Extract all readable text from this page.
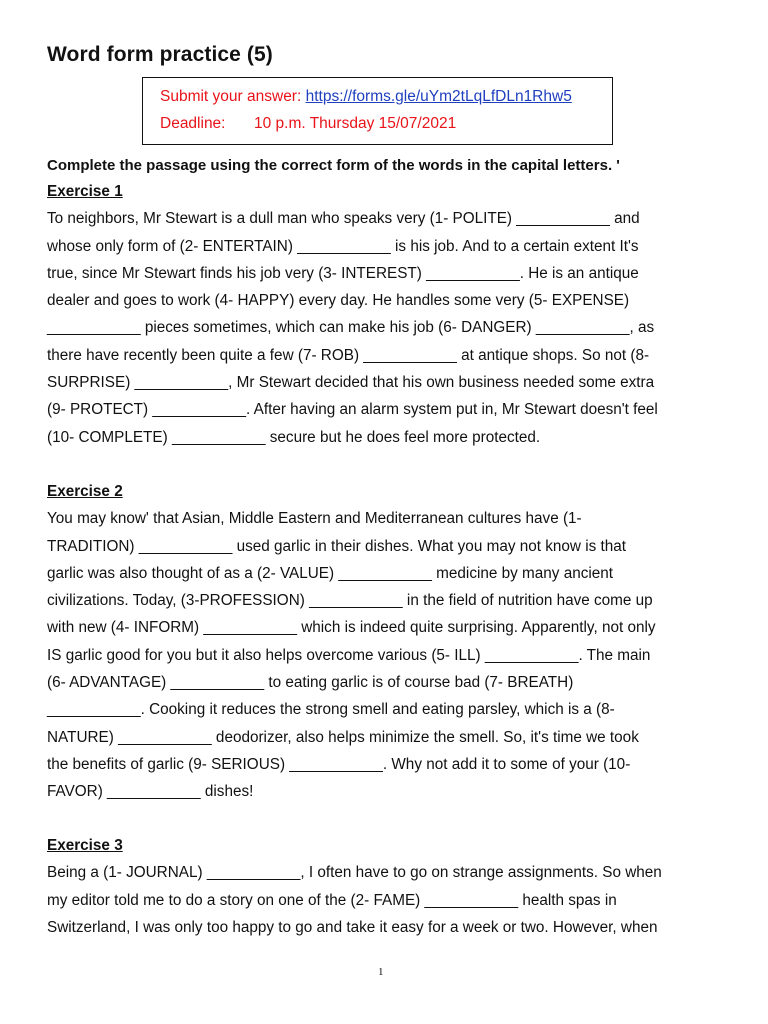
Word form practice (5)
Submit your answer: https://forms.gle/uYm2tLqLfDLn1Rhw5
Deadline: 10 p.m. Thursday 15/07/2021
Complete the passage using the correct form of the words in the capital letters. '
Exercise 1
To neighbors, Mr Stewart is a dull man who speaks very (1- POLITE) ___________ and
whose only form of (2- ENTERTAIN) ___________ is his job. And to a certain extent It's
true, since Mr Stewart finds his job very (3- INTEREST) ___________. He is an antique
dealer and goes to work (4- HAPPY) every day. He handles some very (5- EXPENSE)
___________ pieces sometimes, which can make his job (6- DANGER) ___________, as
there have recently been quite a few (7- ROB) ___________ at antique shops. So not (8-
SURPRISE) ___________, Mr Stewart decided that his own business needed some extra
(9- PROTECT) ___________. After having an alarm system put in, Mr Stewart doesn't feel
(10- COMPLETE) ___________ secure but he does feel more protected.
Exercise 2
You may know' that Asian, Middle Eastern and Mediterranean cultures have (1-
TRADITION) ___________ used garlic in their dishes. What you may not know is that
garlic was also thought of as a (2- VALUE) ___________ medicine by many ancient
civilizations. Today, (3-PROFESSION) ___________ in the field of nutrition have come up
with new (4- INFORM) ___________ which is indeed quite surprising. Apparently, not only
IS garlic good for you but it also helps overcome various (5- ILL) ___________. The main
(6- ADVANTAGE) ___________ to eating garlic is of course bad (7- BREATH)
___________. Cooking it reduces the strong smell and eating parsley, which is a (8-
NATURE) ___________ deodorizer, also helps minimize the smell. So, it's time we took
the benefits of garlic (9- SERIOUS) ___________. Why not add it to some of your (10-
FAVOR) ___________ dishes!
Exercise 3
Being a (1- JOURNAL) ___________, I often have to go on strange assignments. So when
my editor told me to do a story on one of the (2- FAME) ___________ health spas in
Switzerland, I was only too happy to go and take it easy for a week or two. However, when
1
